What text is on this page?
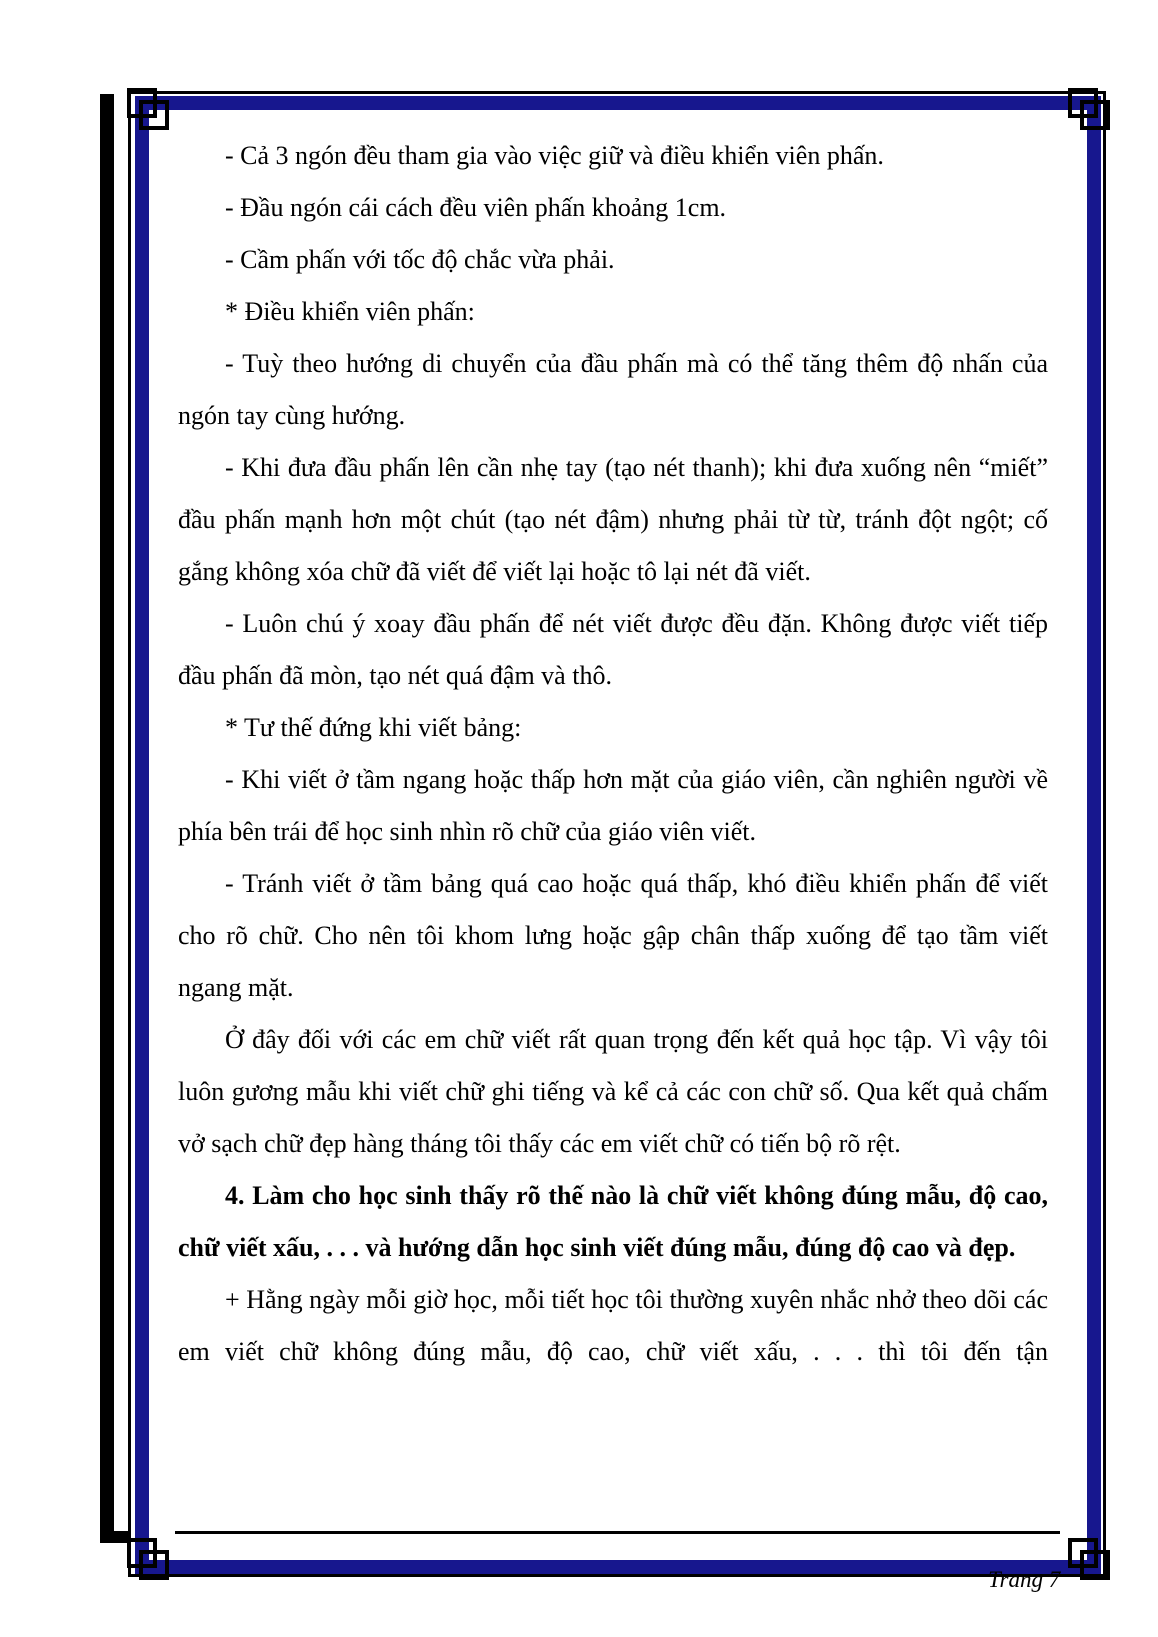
- Cả 3 ngón đều tham gia vào việc giữ và điều khiển viên phấn.

- Đầu ngón cái cách đều viên phấn khoảng 1cm.

- Cầm phấn với tốc độ chắc vừa phải.

* Điều khiển viên phấn:

- Tuỳ theo hướng di chuyển của đầu phấn mà có thể tăng thêm độ nhấn của ngón tay cùng hướng.

- Khi đưa đầu phấn lên cần nhẹ tay (tạo nét thanh); khi đưa xuống nên “miết” đầu phấn mạnh hơn một chút (tạo nét đậm) nhưng phải từ từ, tránh đột ngột; cố gắng không xóa chữ đã viết để viết lại hoặc tô lại nét đã viết.

- Luôn chú ý xoay đầu phấn để nét viết được đều đặn. Không được viết tiếp đầu phấn đã mòn, tạo nét quá đậm và thô.

* Tư thế đứng khi viết bảng:

- Khi viết ở tầm ngang hoặc thấp hơn mặt của giáo viên, cần nghiên người về phía bên trái để học sinh nhìn rõ chữ của giáo viên viết.

- Tránh viết ở tầm bảng quá cao hoặc quá thấp, khó điều khiển phấn để viết cho rõ chữ. Cho nên tôi khom lưng hoặc gập chân thấp xuống để tạo tầm viết ngang mặt.

Ở đây đối với các em chữ viết rất quan trọng đến kết quả học tập. Vì vậy tôi luôn gương mẫu khi viết chữ ghi tiếng và kể cả các con chữ số. Qua kết quả chấm vở sạch chữ đẹp hàng tháng tôi thấy các em viết chữ có tiến bộ rõ rệt.

4. Làm cho học sinh thấy rõ thế nào là chữ viết không đúng mẫu, độ cao, chữ viết xấu, . . . và hướng dẫn học sinh viết đúng mẫu, đúng độ cao và đẹp.

+ Hằng ngày mỗi giờ học, mỗi tiết học tôi thường xuyên nhắc nhở theo dõi các em viết chữ không đúng mẫu, độ cao, chữ viết xấu, . . . thì tôi đến tận

Trang 7
